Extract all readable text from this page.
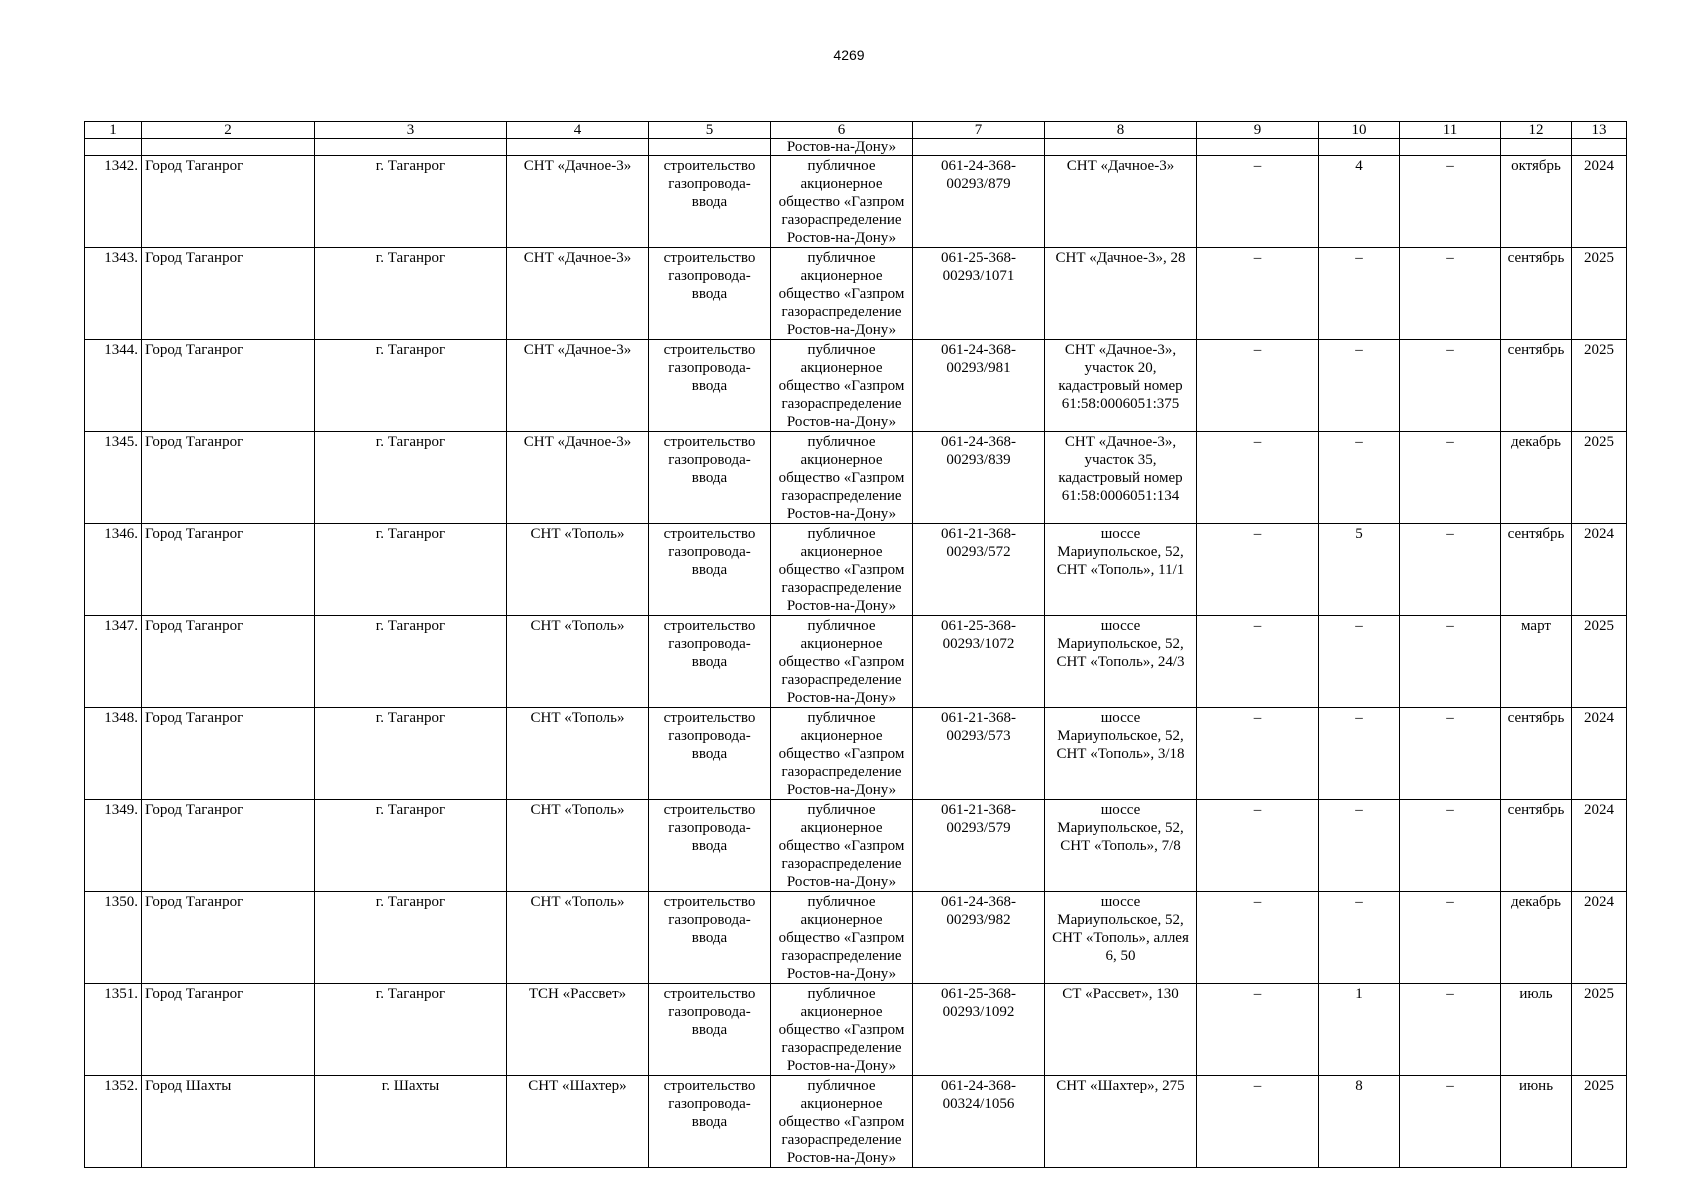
4269
1	2	3	4	5	6	7	8	9	10	11	12	13
					Ростов-на-Дону»							
1342.	Город Таганрог	г. Таганрог	СНТ «Дачное-3»	строительство газопровода-ввода	публичное акционерное общество «Газпром газораспределение Ростов-на-Дону»	061-24-368-00293/879	СНТ «Дачное-3»	–	4	–	октябрь	2024
1343.	Город Таганрог	г. Таганрог	СНТ «Дачное-3»	строительство газопровода-ввода	публичное акционерное общество «Газпром газораспределение Ростов-на-Дону»	061-25-368-00293/1071	СНТ «Дачное-3», 28	–	–	–	сентябрь	2025
1344.	Город Таганрог	г. Таганрог	СНТ «Дачное-3»	строительство газопровода-ввода	публичное акционерное общество «Газпром газораспределение Ростов-на-Дону»	061-24-368-00293/981	СНТ «Дачное-3», участок 20, кадастровый номер 61:58:0006051:375	–	–	–	сентябрь	2025
1345.	Город Таганрог	г. Таганрог	СНТ «Дачное-3»	строительство газопровода-ввода	публичное акционерное общество «Газпром газораспределение Ростов-на-Дону»	061-24-368-00293/839	СНТ «Дачное-3», участок 35, кадастровый номер 61:58:0006051:134	–	–	–	декабрь	2025
1346.	Город Таганрог	г. Таганрог	СНТ «Тополь»	строительство газопровода-ввода	публичное акционерное общество «Газпром газораспределение Ростов-на-Дону»	061-21-368-00293/572	шоссе Мариупольское, 52, СНТ «Тополь», 11/1	–	5	–	сентябрь	2024
1347.	Город Таганрог	г. Таганрог	СНТ «Тополь»	строительство газопровода-ввода	публичное акционерное общество «Газпром газораспределение Ростов-на-Дону»	061-25-368-00293/1072	шоссе Мариупольское, 52, СНТ «Тополь», 24/3	–	–	–	март	2025
1348.	Город Таганрог	г. Таганрог	СНТ «Тополь»	строительство газопровода-ввода	публичное акционерное общество «Газпром газораспределение Ростов-на-Дону»	061-21-368-00293/573	шоссе Мариупольское, 52, СНТ «Тополь», 3/18	–	–	–	сентябрь	2024
1349.	Город Таганрог	г. Таганрог	СНТ «Тополь»	строительство газопровода-ввода	публичное акционерное общество «Газпром газораспределение Ростов-на-Дону»	061-21-368-00293/579	шоссе Мариупольское, 52, СНТ «Тополь», 7/8	–	–	–	сентябрь	2024
1350.	Город Таганрог	г. Таганрог	СНТ «Тополь»	строительство газопровода-ввода	публичное акционерное общество «Газпром газораспределение Ростов-на-Дону»	061-24-368-00293/982	шоссе Мариупольское, 52, СНТ «Тополь», аллея 6, 50	–	–	–	декабрь	2024
1351.	Город Таганрог	г. Таганрог	ТСН «Рассвет»	строительство газопровода-ввода	публичное акционерное общество «Газпром газораспределение Ростов-на-Дону»	061-25-368-00293/1092	СТ «Рассвет», 130	–	1	–	июль	2025
1352.	Город Шахты	г. Шахты	СНТ «Шахтер»	строительство газопровода-ввода	публичное акционерное общество «Газпром газораспределение Ростов-на-Дону»	061-24-368-00324/1056	СНТ «Шахтер», 275	–	8	–	июнь	2025
